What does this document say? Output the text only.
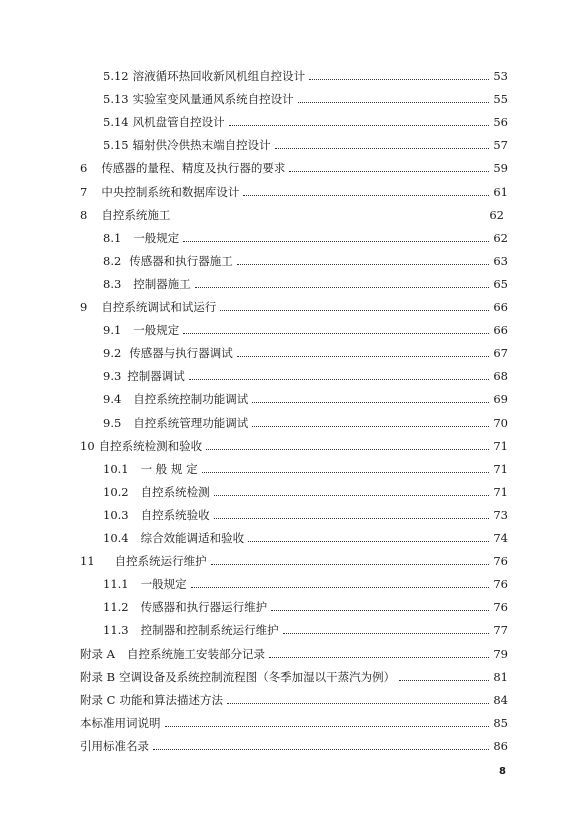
5.12 溶液循环热回收新风机组自控设计	53
5.13 实验室变风量通风系统自控设计	55
5.14 风机盘管自控设计	56
5.15 辐射供冷供热末端自控设计	57
6 传感器的量程、精度及执行器的要求	59
7 中央控制系统和数据库设计	61
8 自控系统施工	62
8.1 一般规定	62
8.2 传感器和执行器施工	63
8.3 控制器施工	65
9 自控系统调试和试运行	66
9.1 一般规定	66
9.2 传感器与执行器调试	67
9.3 控制器调试	68
9.4 自控系统控制功能调试	69
9.5 自控系统管理功能调试	70
10 自控系统检测和验收	71
10.1 一 般 规 定	71
10.2 自控系统检测	71
10.3 自控系统验收	73
10.4 综合效能调适和验收	74
11 自控系统运行维护	76
11.1 一般规定	76
11.2 传感器和执行器运行维护	76
11.3 控制器和控制系统运行维护	77
附录 A 自控系统施工安装部分记录	79
附录 B 空调设备及系统控制流程图（冬季加湿以干蒸汽为例）	81
附录 C 功能和算法描述方法	84
本标准用词说明	85
引用标准名录	86
8
